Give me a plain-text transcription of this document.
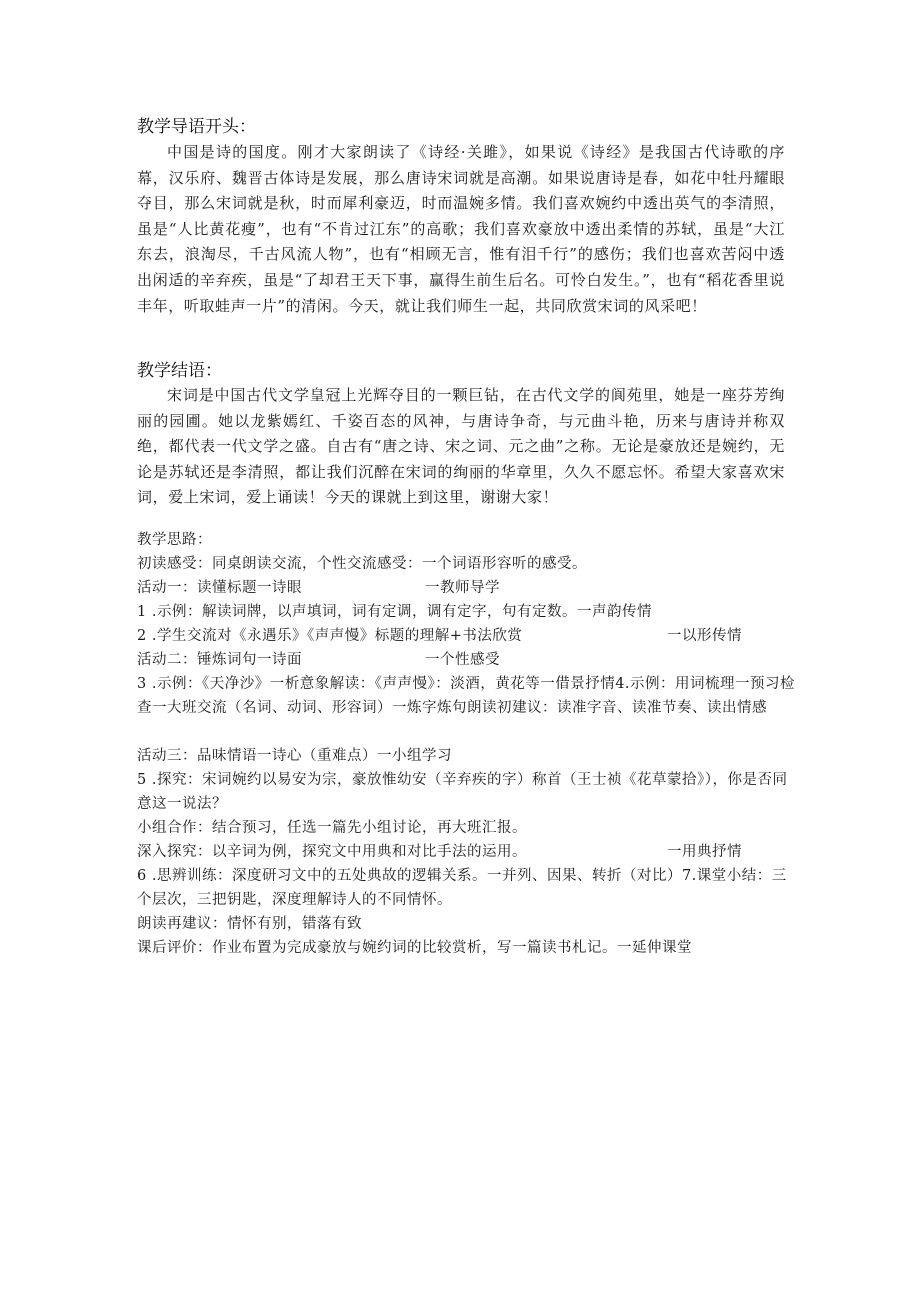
教学导语开头：
中国是诗的国度。刚才大家朗读了《诗经·关雎》，如果说《诗经》是我国古代诗歌的序幕，汉乐府、魏晋古体诗是发展，那么唐诗宋词就是高潮。如果说唐诗是春，如花中牡丹耀眼夺目，那么宋词就是秋，时而犀利豪迈，时而温婉多情。我们喜欢婉约中透出英气的李清照，虽是“人比黄花瘦”，也有“不肯过江东”的高歌；我们喜欢豪放中透出柔情的苏轼，虽是“大江东去，浪淘尽，千古风流人物”，也有“相顾无言，惟有泪千行”的感伤；我们也喜欢苦闷中透出闲适的辛弃疾，虽是“了却君王天下事，赢得生前生后名。可怜白发生。”，也有“稻花香里说丰年，听取蛙声一片”的清闲。今天，就让我们师生一起，共同欣赏宋词的风采吧！
教学结语：
宋词是中国古代文学皇冠上光辉夺目的一颗巨钻，在古代文学的阆苑里，她是一座芬芳绚丽的园圃。她以龙紫嫣红、千姿百态的风神，与唐诗争奇，与元曲斗艳，历来与唐诗并称双绝，都代表一代文学之盛。自古有“唐之诗、宋之词、元之曲”之称。无论是豪放还是婉约，无论是苏轼还是李清照，都让我们沉醉在宋词的绚丽的华章里，久久不愿忘怀。希望大家喜欢宋词，爱上宋词，爱上诵读！今天的课就上到这里，谢谢大家！
教学思路：
初读感受：同桌朗读交流，个性交流感受：一个词语形容听的感受。
活动一：读懂标题一诗眼	一教师导学
1 .示例：解读词牌，以声填词，词有定调，调有定字，句有定数。一声韵传情
2 .学生交流对《永遇乐》《声声慢》标题的理解+书法欣赏	一以形传情
活动二：锤炼词句一诗面	一个性感受
3 .示例：《天净沙》一析意象解读：《声声慢》：淡酒，黄花等一借景抒情4.示例：用词梳理一预习检查一大班交流（名词、动词、形容词）一炼字炼句朗读初建议：读准字音、读准节奏、读出情感
活动三：品味情语一诗心（重难点）一小组学习
5 .探究：宋词婉约以易安为宗，豪放惟幼安（辛弃疾的字）称首（王士祯《花草蒙拾》），你是否同意这一说法？
小组合作：结合预习，任选一篇先小组讨论，再大班汇报。
深入探究：以辛词为例，探究文中用典和对比手法的运用。	一用典抒情
6 .思辨训练：深度研习文中的五处典故的逻辑关系。一并列、因果、转折（对比）7.课堂小结：三个层次，三把钥匙，深度理解诗人的不同情怀。
朗读再建议：情怀有别，错落有致
课后评价：作业布置为完成豪放与婉约词的比较赏析，写一篇读书札记。一延伸课堂
